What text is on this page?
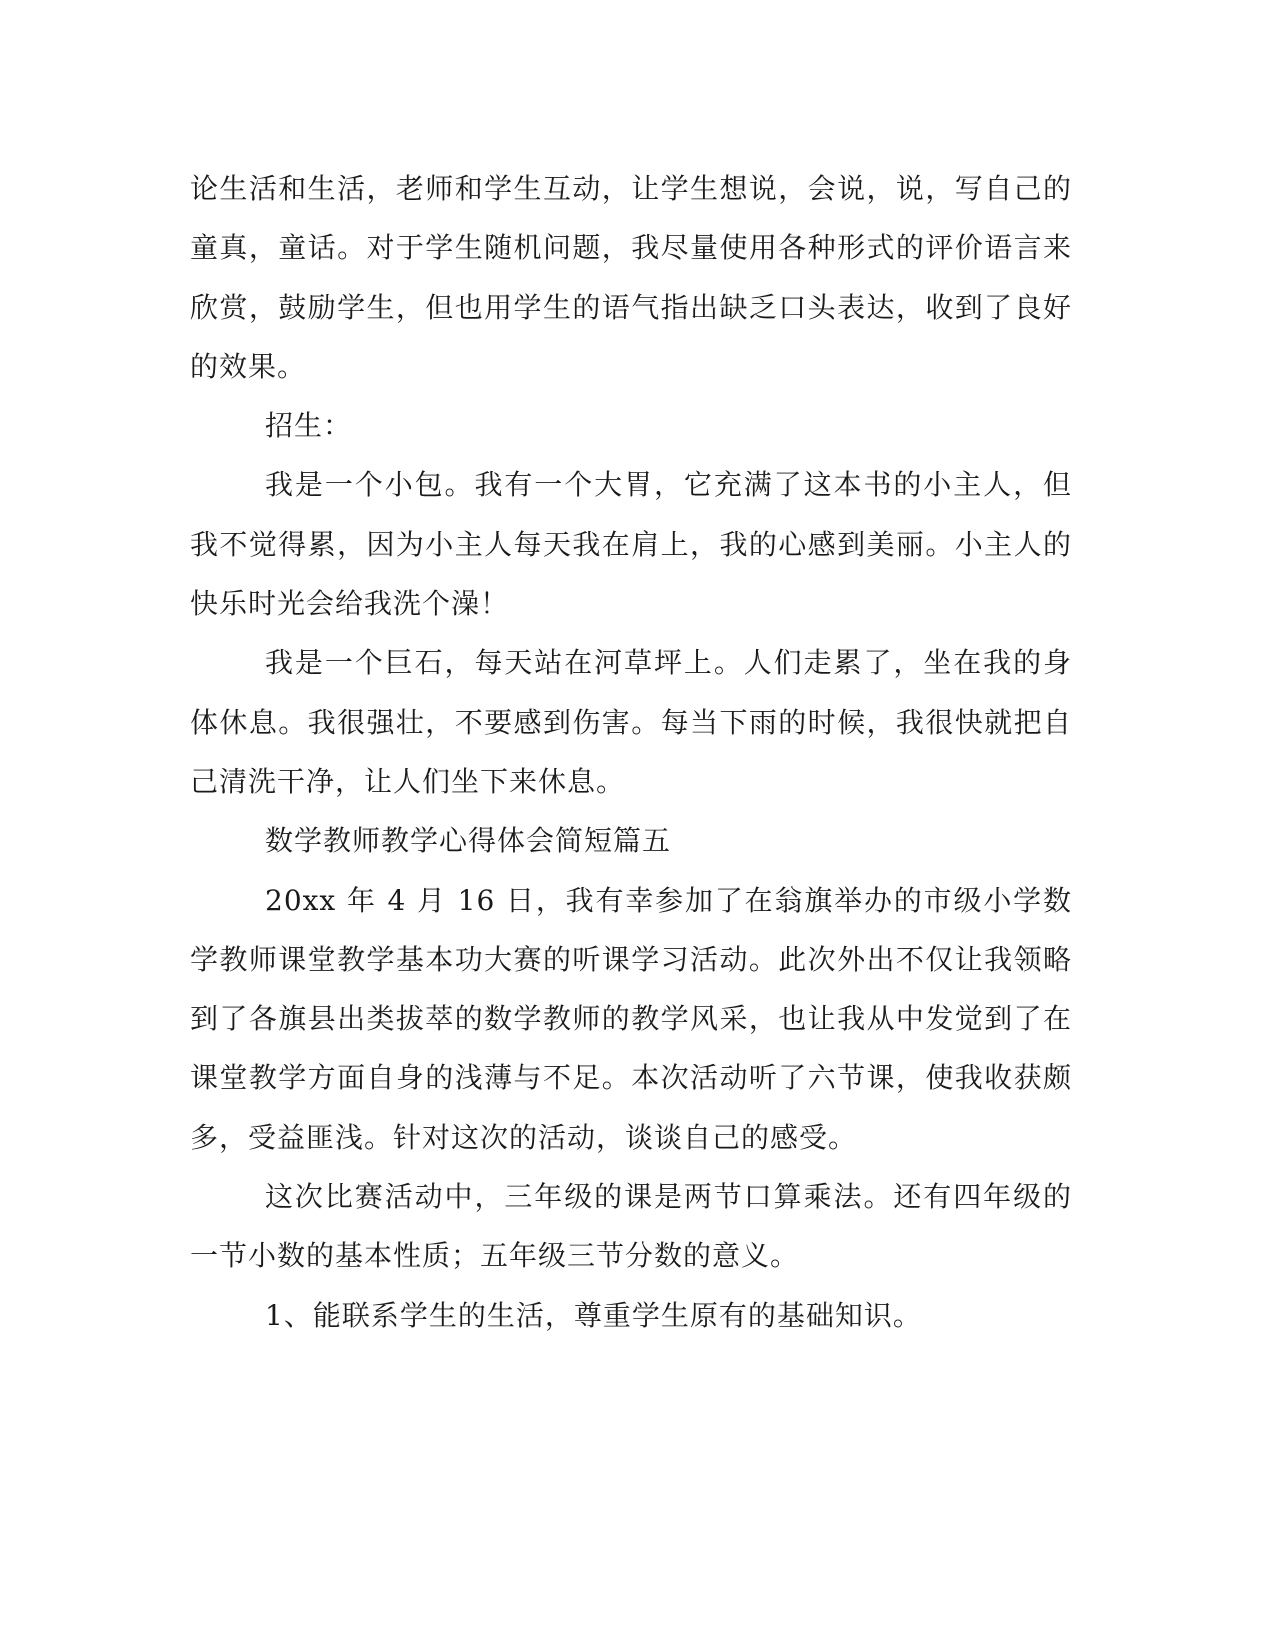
论生活和生活，老师和学生互动，让学生想说，会说，说，写自己的童真，童话。对于学生随机问题，我尽量使用各种形式的评价语言来欣赏，鼓励学生，但也用学生的语气指出缺乏口头表达，收到了良好的效果。

招生：

我是一个小包。我有一个大胃，它充满了这本书的小主人，但我不觉得累，因为小主人每天我在肩上，我的心感到美丽。小主人的快乐时光会给我洗个澡！

我是一个巨石，每天站在河草坪上。人们走累了，坐在我的身体休息。我很强壮，不要感到伤害。每当下雨的时候，我很快就把自己清洗干净，让人们坐下来休息。

数学教师教学心得体会简短篇五

20xx 年 4 月 16 日，我有幸参加了在翁旗举办的市级小学数学教师课堂教学基本功大赛的听课学习活动。此次外出不仅让我领略到了各旗县出类拔萃的数学教师的教学风采，也让我从中发觉到了在课堂教学方面自身的浅薄与不足。本次活动听了六节课，使我收获颇多，受益匪浅。针对这次的活动，谈谈自己的感受。

这次比赛活动中，三年级的课是两节口算乘法。还有四年级的一节小数的基本性质；五年级三节分数的意义。

1、能联系学生的生活，尊重学生原有的基础知识。
